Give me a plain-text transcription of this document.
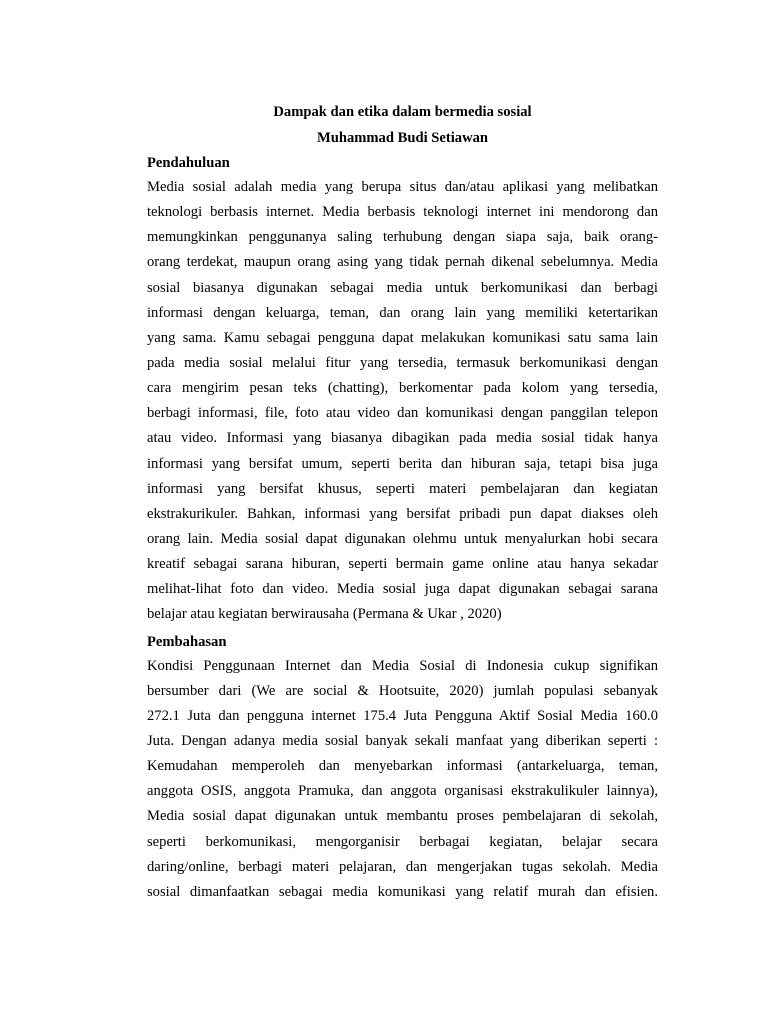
Dampak dan etika dalam bermedia sosial

Muhammad Budi Setiawan

Pendahuluan

Media sosial adalah media yang berupa situs dan/atau aplikasi yang melibatkan
teknologi berbasis internet. Media berbasis teknologi internet ini mendorong dan
memungkinkan penggunanya saling terhubung dengan siapa saja, baik orang-
orang terdekat, maupun orang asing yang tidak pernah dikenal sebelumnya. Media
sosial biasanya digunakan sebagai media untuk berkomunikasi dan berbagi
informasi dengan keluarga, teman, dan orang lain yang memiliki ketertarikan
yang sama. Kamu sebagai pengguna dapat melakukan komunikasi satu sama lain
pada media sosial melalui fitur yang tersedia, termasuk berkomunikasi dengan
cara mengirim pesan teks (chatting), berkomentar pada kolom yang tersedia,
berbagi informasi, file, foto atau video dan komunikasi dengan panggilan telepon
atau video. Informasi yang biasanya dibagikan pada media sosial tidak hanya
informasi yang bersifat umum, seperti berita dan hiburan saja, tetapi bisa juga
informasi yang bersifat khusus, seperti materi pembelajaran dan kegiatan
ekstrakurikuler. Bahkan, informasi yang bersifat pribadi pun dapat diakses oleh
orang lain. Media sosial dapat digunakan olehmu untuk menyalurkan hobi secara
kreatif sebagai sarana hiburan, seperti bermain game online atau hanya sekadar
melihat-lihat foto dan video. Media sosial juga dapat digunakan sebagai sarana
belajar atau kegiatan berwirausaha (Permana & Ukar , 2020)

Pembahasan

Kondisi Penggunaan Internet dan Media Sosial di Indonesia cukup signifikan
bersumber dari (We are social & Hootsuite, 2020) jumlah populasi sebanyak
272.1 Juta dan pengguna internet 175.4 Juta Pengguna Aktif Sosial Media 160.0
Juta. Dengan adanya media sosial banyak sekali manfaat yang diberikan seperti :
Kemudahan memperoleh dan menyebarkan informasi (antarkeluarga, teman,
anggota OSIS, anggota Pramuka, dan anggota organisasi ekstrakulikuler lainnya),
Media sosial dapat digunakan untuk membantu proses pembelajaran di sekolah,
seperti berkomunikasi, mengorganisir berbagai kegiatan, belajar secara
daring/online, berbagi materi pelajaran, dan mengerjakan tugas sekolah. Media
sosial dimanfaatkan sebagai media komunikasi yang relatif murah dan efisien.
